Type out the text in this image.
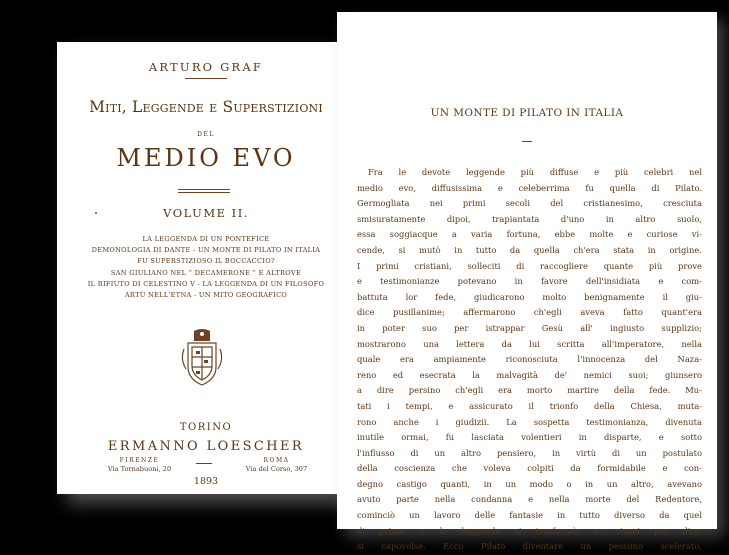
ARTURO GRAF
Miti, Leggende e Superstizioni
DEL
MEDIO EVO
VOLUME II.
LA LEGGENDA DI UN PONTEFICE
DEMONOLOGIA DI DANTE - UN MONTE DI PILATO IN ITALIA
FU SUPERSTIZIOSO IL BOCCACCIO?
SAN GIULIANO NEL “ DECAMERONE ” E ALTROVE
IL RIFIUTO DI CELESTINO V - LA LEGGENDA DI UN FILOSOFO
ARTÙ NELL'ETNA - UN MITO GEOGRAFICO
TORINO
ERMANNO LOESCHER
FIRENZE
Via Tornabuoni, 20
ROMA
Via del Corso, 307
1893
UN MONTE DI PILATO IN ITALIA
Fra le devote leggende più diffuse e più celebri nel
medio evo, diffusissima e celeberrima fu quella di Pilato.
Germogliata nei primi secoli del cristianesimo, cresciuta
smisuratamente dipoi, trapiantata d'uno in altro suolo,
essa soggiacque a varia fortuna, ebbe molte e curiose vi-
cende, si mutò in tutto da quella ch'era stata in origine.
I primi cristiani, solleciti di raccogliere quante più prove
e testimonianze potevano in favore dell'insidiata e com-
battuta lor fede, giudicarono molto benignamente il giu-
dice pusillanime; affermarono ch'egli aveva fatto quant'era
in poter suo per istrappar Gesù all' ingiusto supplizio;
mostrarono una lettera da lui scritta all'imperatore, nella
quale era ampiamente riconosciuta l'innocenza del Naza-
reno ed esecrata la malvagità de' nemici suoi; giunsero
a dire persino ch'egli era morto martire della fede. Mu-
tati i tempi, e assicurato il trionfo della Chiesa, muta-
rono anche i giudizii. La sospetta testimonianza, divenuta
inutile ormai, fu lasciata volentieri in disparte, e sotto
l'influsso di un altro pensiero, in virtù di un postulato
della coscienza che voleva colpiti da formidabile e con-
degno castigo quanti, in un modo o in un altro, avevano
avuto parte nella condanna e nella morte del Redentore,
cominciò un lavoro delle fantasie in tutto diverso da quel
di prima, e la leggenda si trasformò, e, starei per dire,
si capovolse. Ecco Pilato diventare un pessimo scelerato,
